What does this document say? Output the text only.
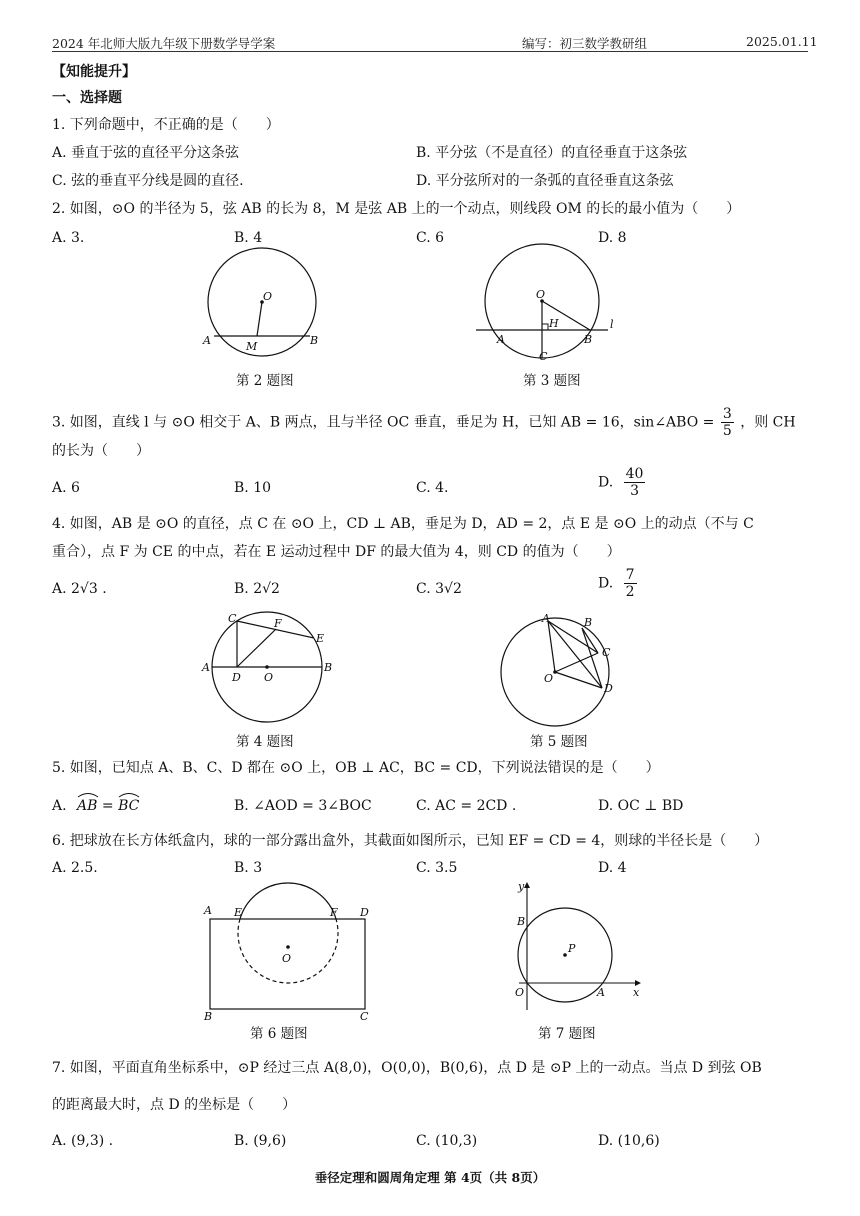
2024 年北师大版九年级下册数学导学案	编写：初三数学教研组	2025.01.11
【知能提升】
一、选择题
1. 下列命题中，不正确的是（　　）
A. 垂直于弦的直径平分这条弦	B. 平分弦（不是直径）的直径垂直于这条弦
C. 弦的垂直平分线是圆的直径.	D. 平分弦所对的一条弧的直径垂直这条弦
2. 如图，⊙O 的半径为 5，弦 AB 的长为 8，M 是弦 AB 上的一个动点，则线段 OM 的长的最小值为（　　）
A. 3.	B. 4	C. 6	D. 8
O
A	M	B
第 2 题图
O
H
A	B
C
l
第 3 题图
3. 如图，直线 l 与 ⊙O 相交于 A、B 两点，且与半径 OC 垂直，垂足为 H，已知 AB = 16，sin∠ABO = $\frac{3}{5}$ ，则 CH
的长为（　　）
A. 6	B. 10	C. 4.	D. $\frac{40}{3}$
4. 如图，AB 是 ⊙O 的直径，点 C 在 ⊙O 上，CD ⊥ AB，垂足为 D，AD = 2，点 E 是 ⊙O 上的动点（不与 C
重合），点 F 为 CE 的中点，若在 E 运动过程中 DF 的最大值为 4，则 CD 的值为（　　）
A. 2√3 .	B. 2√2	C. 3√2	D. $\frac{7}{2}$
C	F
E
A
D O
B
第 4 题图
A	B
C
O
D
第 5 题图
5. 如图，已知点 A、B、C、D 都在 ⊙O 上，OB ⊥ AC，BC = CD，下列说法错误的是（　　）
A. AB
= BC	B. ∠AOD = 3∠BOC	C. AC = 2CD .	D. OC ⊥ BD
6. 把球放在长方体纸盒内，球的一部分露出盒外，其截面如图所示，已知 EF = CD = 4，则球的半径长是（　　）
A. 2.5.	B. 3	C. 3.5	D. 4
A E	F D
O
B	C
第 6 题图
y
B
P
O	A	x
第 7 题图
7. 如图，平面直角坐标系中，⊙P 经过三点 A(8,0)，O(0,0)，B(0,6)，点 D 是 ⊙P 上的一动点。当点 D 到弦 OB
的距离最大时，点 D 的坐标是（　　）
A. (9,3) .	B. (9,6)	C. (10,3)	D. (10,6)
垂径定理和圆周角定理 第 4页（共 8页）
